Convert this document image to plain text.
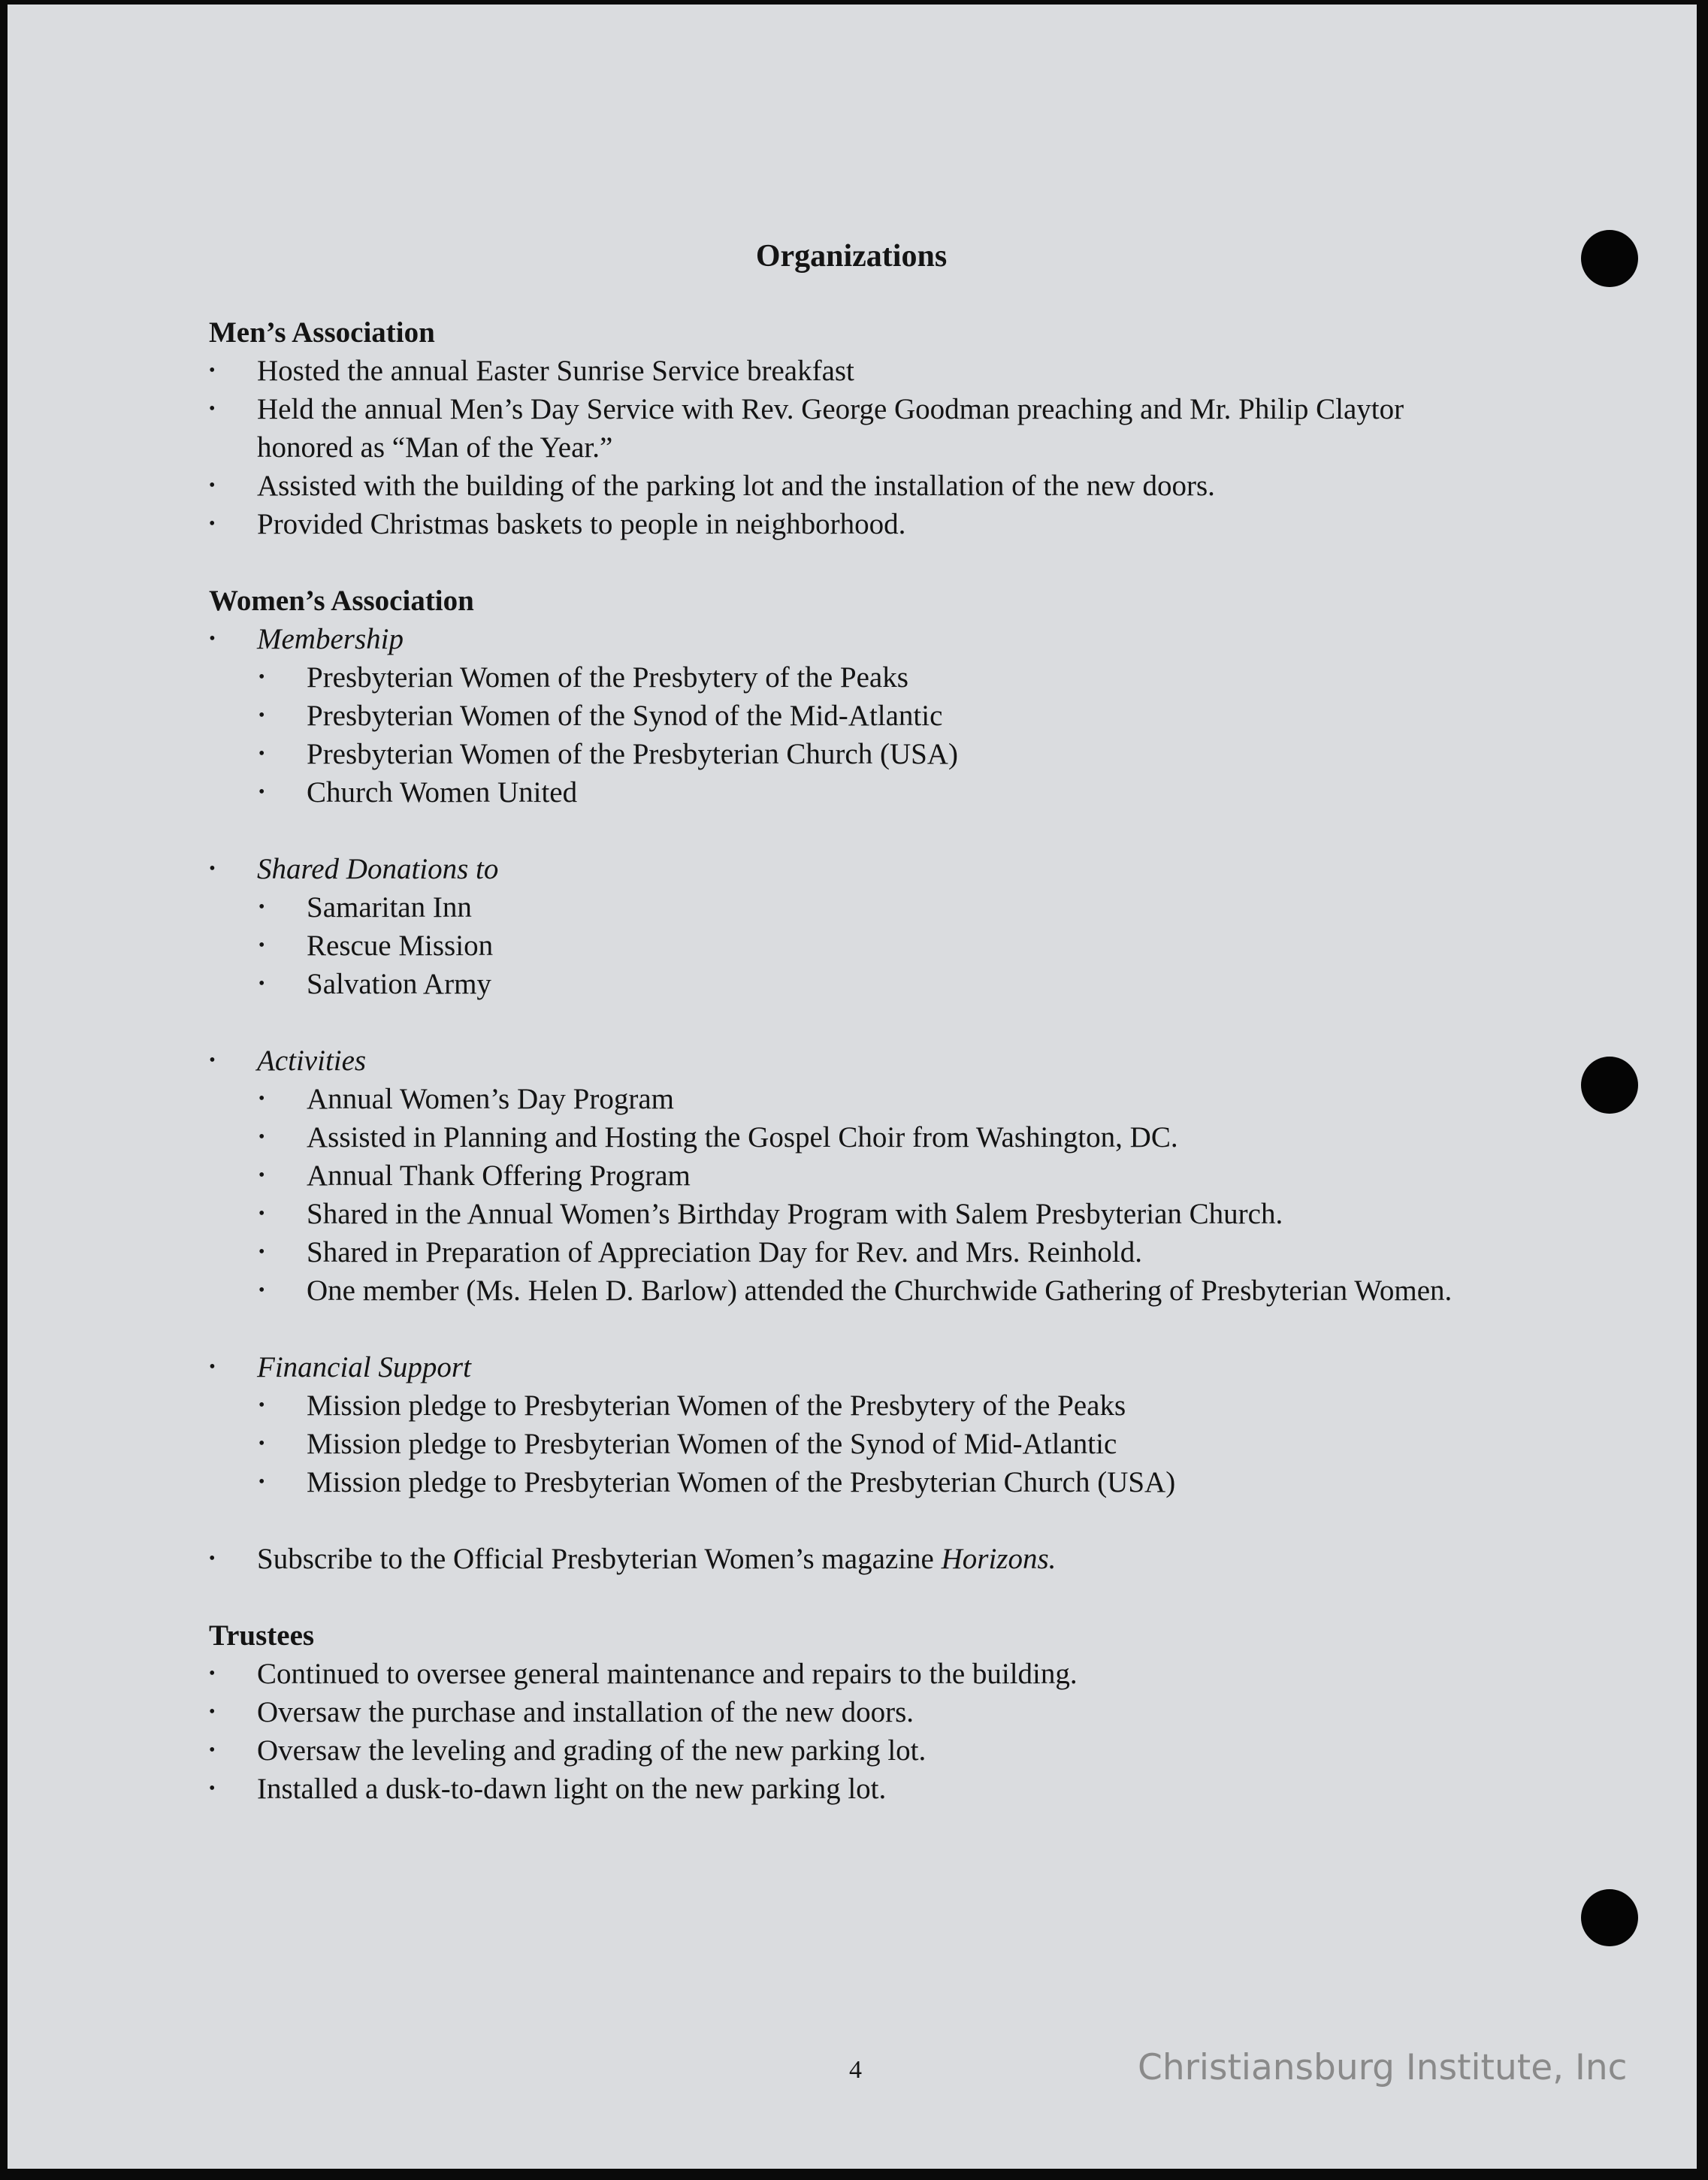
Organizations
Men’s Association
• Hosted the annual Easter Sunrise Service breakfast
• Held the annual Men’s Day Service with Rev. George Goodman preaching and Mr. Philip Claytor honored as “Man of the Year.”
• Assisted with the building of the parking lot and the installation of the new doors.
• Provided Christmas baskets to people in neighborhood.
Women’s Association
• Membership
• Presbyterian Women of the Presbytery of the Peaks
• Presbyterian Women of the Synod of the Mid-Atlantic
• Presbyterian Women of the Presbyterian Church (USA)
• Church Women United
• Shared Donations to
• Samaritan Inn
• Rescue Mission
• Salvation Army
• Activities
• Annual Women’s Day Program
• Assisted in Planning and Hosting the Gospel Choir from Washington, DC.
• Annual Thank Offering Program
• Shared in the Annual Women’s Birthday Program with Salem Presbyterian Church.
• Shared in Preparation of Appreciation Day for Rev. and Mrs. Reinhold.
• One member (Ms. Helen D. Barlow) attended the Churchwide Gathering of Presbyterian Women.
• Financial Support
• Mission pledge to Presbyterian Women of the Presbytery of the Peaks
• Mission pledge to Presbyterian Women of the Synod of Mid-Atlantic
• Mission pledge to Presbyterian Women of the Presbyterian Church (USA)
• Subscribe to the Official Presbyterian Women’s magazine Horizons.
Trustees
• Continued to oversee general maintenance and repairs to the building.
• Oversaw the purchase and installation of the new doors.
• Oversaw the leveling and grading of the new parking lot.
• Installed a dusk-to-dawn light on the new parking lot.
4	Christiansburg Institute, Inc
